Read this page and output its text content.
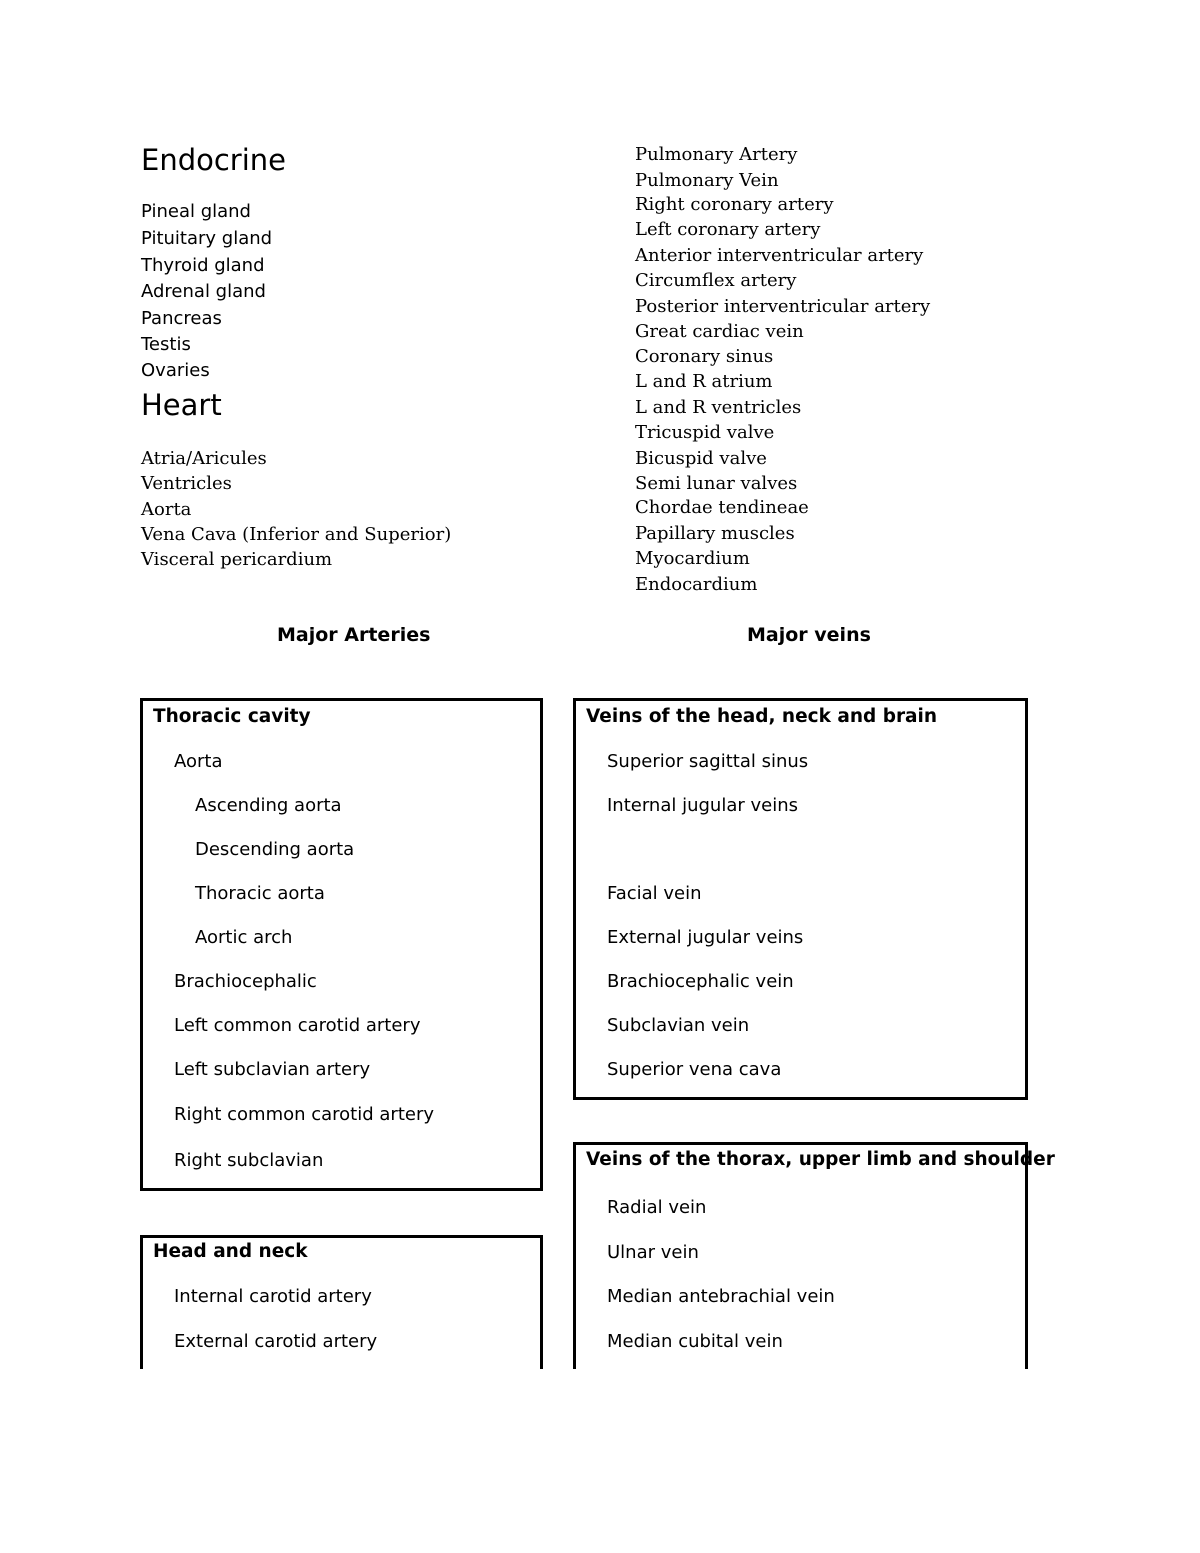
Endocrine
Pineal gland
Pituitary gland
Thyroid gland
Adrenal gland
Pancreas
Testis
Ovaries
Heart
Atria/Aricules
Ventricles
Aorta
Vena Cava (Inferior and Superior)
Visceral pericardium
Pulmonary Artery
Pulmonary Vein
Right coronary artery
Left coronary artery
Anterior interventricular artery
Circumflex artery
Posterior interventricular artery
Great cardiac vein
Coronary sinus
L and R atrium
L and R ventricles
Tricuspid valve
Bicuspid valve
Semi lunar valves
Chordae tendineae
Papillary muscles
Myocardium
Endocardium
Major Arteries	Major veins
Thoracic cavity
Aorta
Ascending aorta
Descending aorta
Thoracic aorta
Aortic arch
Brachiocephalic
Left common carotid artery
Left subclavian artery
Right common carotid artery
Right subclavian
Head and neck
Internal carotid artery
External carotid artery
Veins of the head, neck and brain
Superior sagittal sinus
Internal jugular veins
Facial vein
External jugular veins
Brachiocephalic vein
Subclavian vein
Superior vena cava
Veins of the thorax, upper limb and shoulder
Radial vein
Ulnar vein
Median antebrachial vein
Median cubital vein
